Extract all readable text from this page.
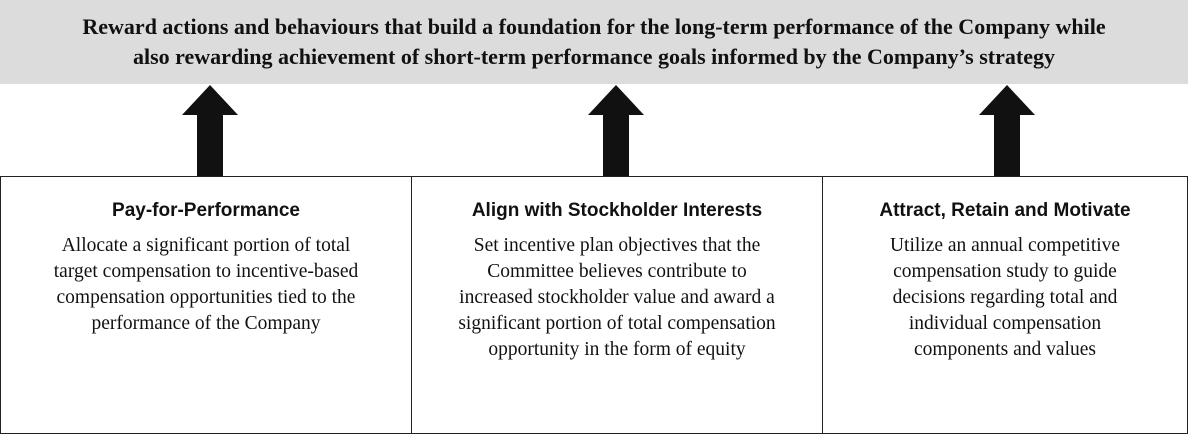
Reward actions and behaviours that build a foundation for the long-term performance of the Company while
also rewarding achievement of short-term performance goals informed by the Company’s strategy
Pay-for-Performance
Allocate a significant portion of total
target compensation to incentive-based
compensation opportunities tied to the
performance of the Company
Align with Stockholder Interests
Set incentive plan objectives that the
Committee believes contribute to
increased stockholder value and award a
significant portion of total compensation
opportunity in the form of equity
Attract, Retain and Motivate
Utilize an annual competitive
compensation study to guide
decisions regarding total and
individual compensation
components and values
